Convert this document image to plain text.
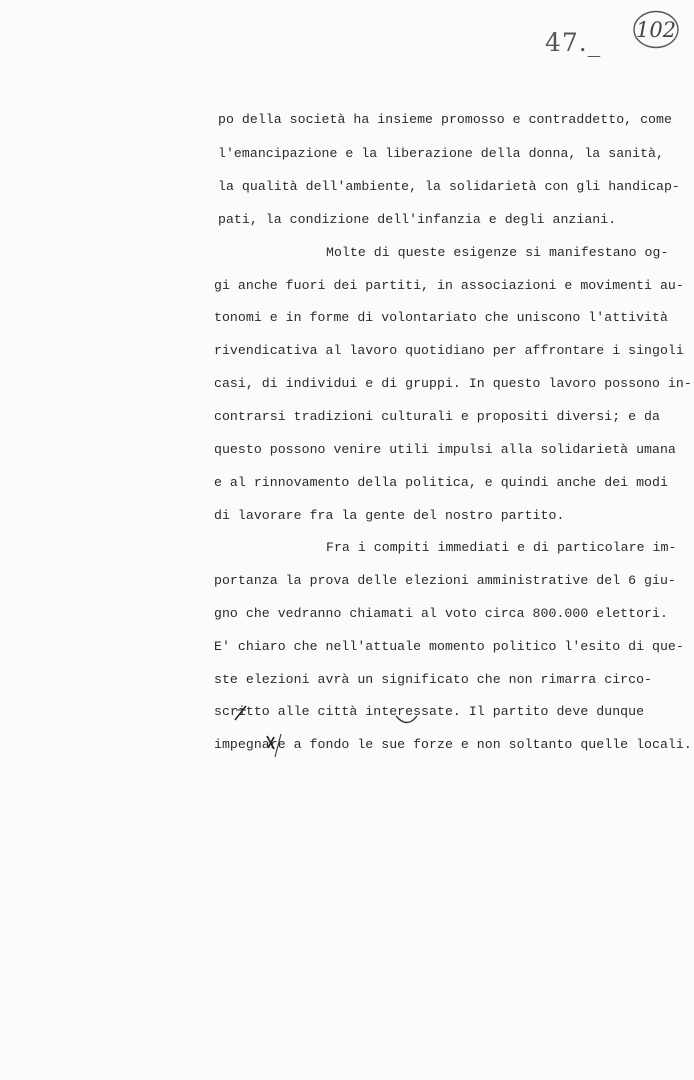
47._ 102

po della società ha insieme promosso e contraddetto, come

l'emancipazione e la liberazione della donna, la sanità,

la qualità dell'ambiente, la solidarietà con gli handicap-

pati, la condizione dell'infanzia e degli anziani.

Molte di queste esigenze si manifestano og-

gi anche fuori dei partiti, in associazioni e movimenti au-

tonomi e in forme di volontariato che uniscono l'attività

rivendicativa al lavoro quotidiano per affrontare i singoli

casi, di individui e di gruppi. In questo lavoro possono in-

contrarsi tradizioni culturali e propositi diversi; e da

questo possono venire utili impulsi alla solidarietà umana

e al rinnovamento della politica, e quindi anche dei modi

di lavorare fra la gente del nostro partito.

Fra i compiti immediati e di particolare im-

portanza la prova delle elezioni amministrative del 6 giu-

gno che vedranno chiamati al voto circa 800.000 elettori.

E' chiaro che nell'attuale momento politico l'esito di que-

ste elezioni avrà un significato che non rimarra circo-

scritto alle città interessate. Il partito deve dunque

impegnare a fondo le sue forze e non soltanto quelle locali.
